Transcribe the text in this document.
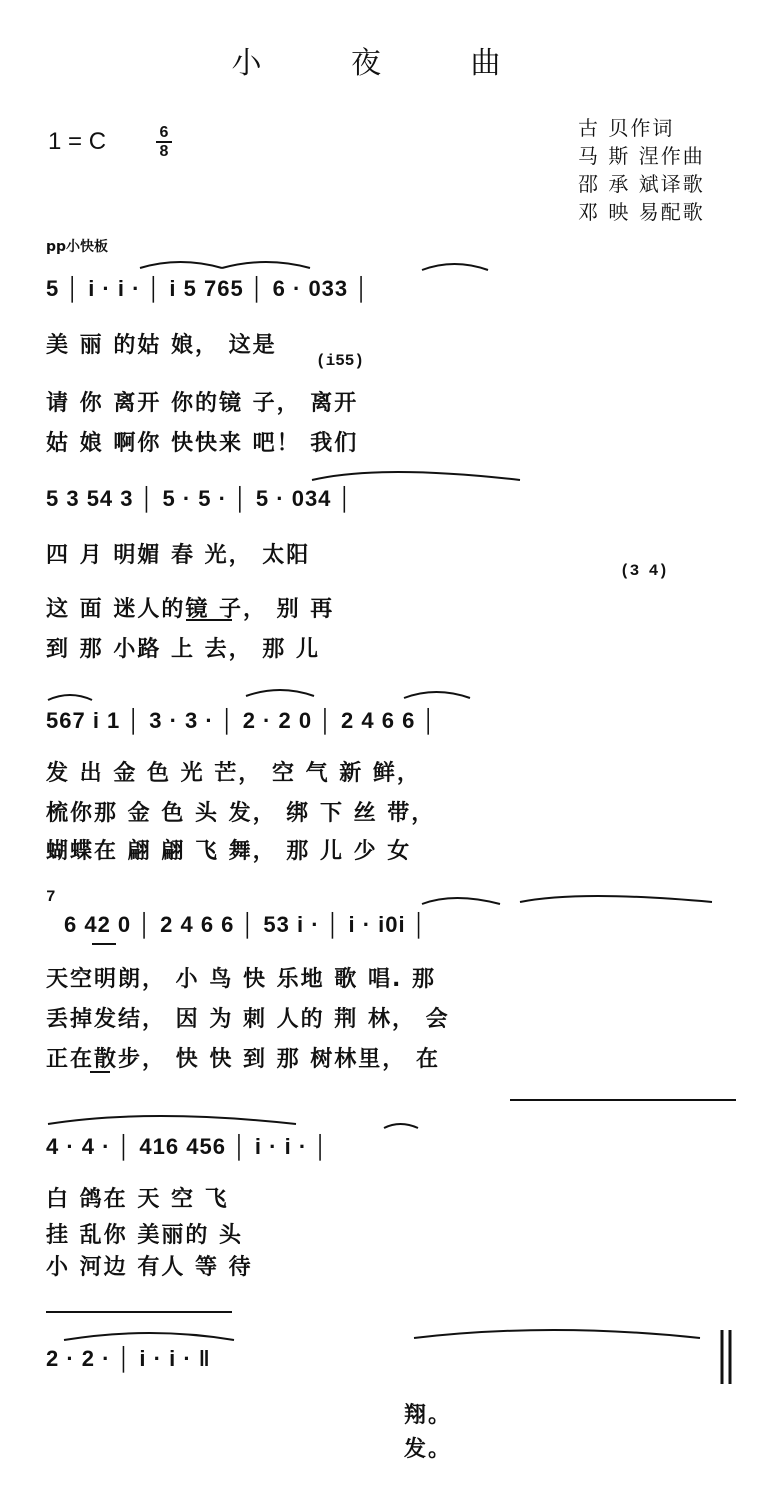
小 夜 曲
1 = C	$\frac{6}{8}$	古 贝作词
马 斯 涅作曲
邵 承 斌译歌
邓 映 易配歌
pp小快板
5 │ i · i · │ i 5 765 │ 6 · 033 │
美 丽 的姑 娘， 这是
(i55)
请 你 离开 你的镜 子， 离开
姑 娘 啊你 快快来 吧！ 我们
5 3 54 3 │ 5 · 5 · │ 5 · 034 │
四 月 明媚 春 光， 太阳
(3 4)
这 面 迷人的镜 子， 别 再
到 那 小路 上 去， 那 儿
567 i 1 │ 3 · 3 · │ 2 · 2 0 │ 2 4 6 6 │
发 出 金 色 光 芒， 空 气 新 鲜，
梳你那 金 色 头 发， 绑 下 丝 带，
蝴蝶在 翩 翩 飞 舞， 那 儿 少 女
7
6 42 0 │ 2 4 6 6 │ 53 i · │ i · i0i │
天空明朗， 小 鸟 快 乐地 歌 唱. 那
丢掉发结， 因 为 刺 人的 荆 林， 会
正在散步， 快 快 到 那 树林里， 在
4 · 4 · │ 416 456 │ i · i · │
白 鸽在 天 空 飞
挂 乱你 美丽的 头
小 河边 有人 等 待
2 · 2 · │ i · i · ‖
翔。
发。
